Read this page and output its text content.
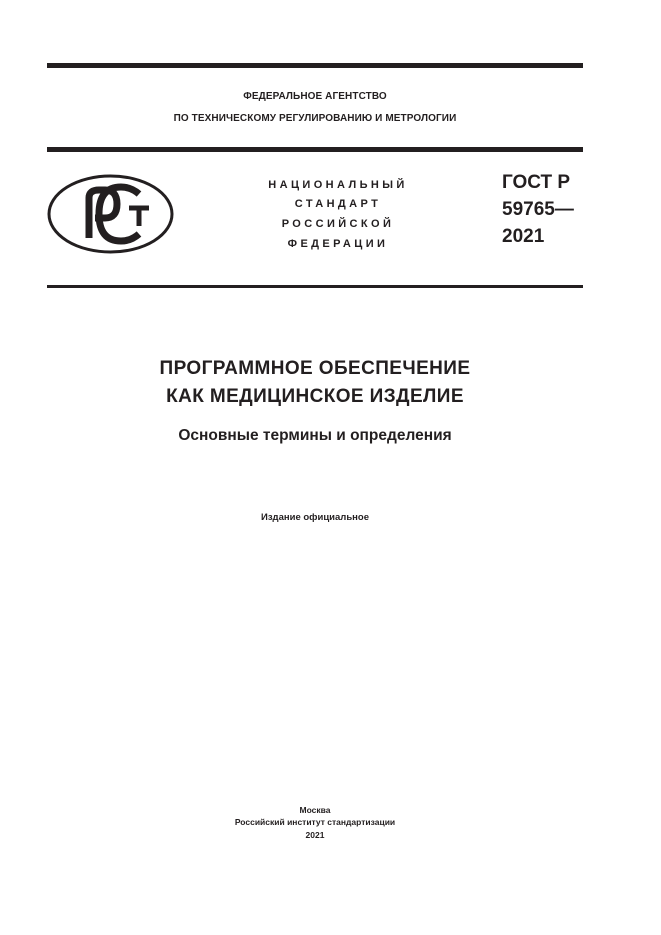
ФЕДЕРАЛЬНОЕ АГЕНТСТВО
ПО ТЕХНИЧЕСКОМУ РЕГУЛИРОВАНИЮ И МЕТРОЛОГИИ
НАЦИОНАЛЬНЫЙ
СТАНДАРТ
РОССИЙСКОЙ
ФЕДЕРАЦИИ
ГОСТ Р
59765—
2021
ПРОГРАММНОЕ ОБЕСПЕЧЕНИЕ
КАК МЕДИЦИНСКОЕ ИЗДЕЛИЕ
Основные термины и определения
Издание официальное
Москва
Российский институт стандартизации
2021
